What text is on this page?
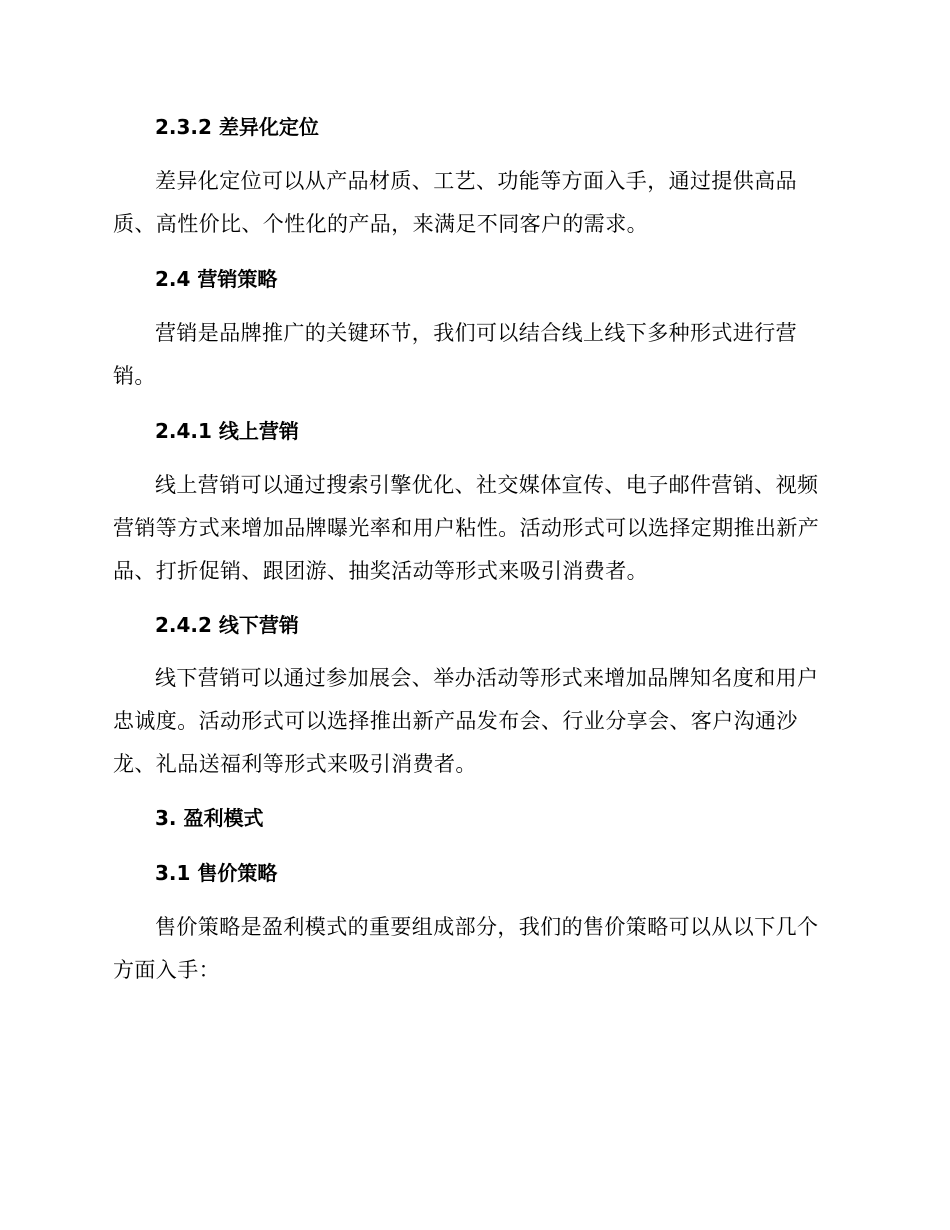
2.3.2 差异化定位
差异化定位可以从产品材质、工艺、功能等方面入手，通过提供高品质、高性价比、个性化的产品，来满足不同客户的需求。
2.4 营销策略
营销是品牌推广的关键环节，我们可以结合线上线下多种形式进行营销。
2.4.1 线上营销
线上营销可以通过搜索引擎优化、社交媒体宣传、电子邮件营销、视频营销等方式来增加品牌曝光率和用户粘性。活动形式可以选择定期推出新产品、打折促销、跟团游、抽奖活动等形式来吸引消费者。
2.4.2 线下营销
线下营销可以通过参加展会、举办活动等形式来增加品牌知名度和用户忠诚度。活动形式可以选择推出新产品发布会、行业分享会、客户沟通沙龙、礼品送福利等形式来吸引消费者。
3. 盈利模式
3.1 售价策略
售价策略是盈利模式的重要组成部分，我们的售价策略可以从以下几个方面入手：
